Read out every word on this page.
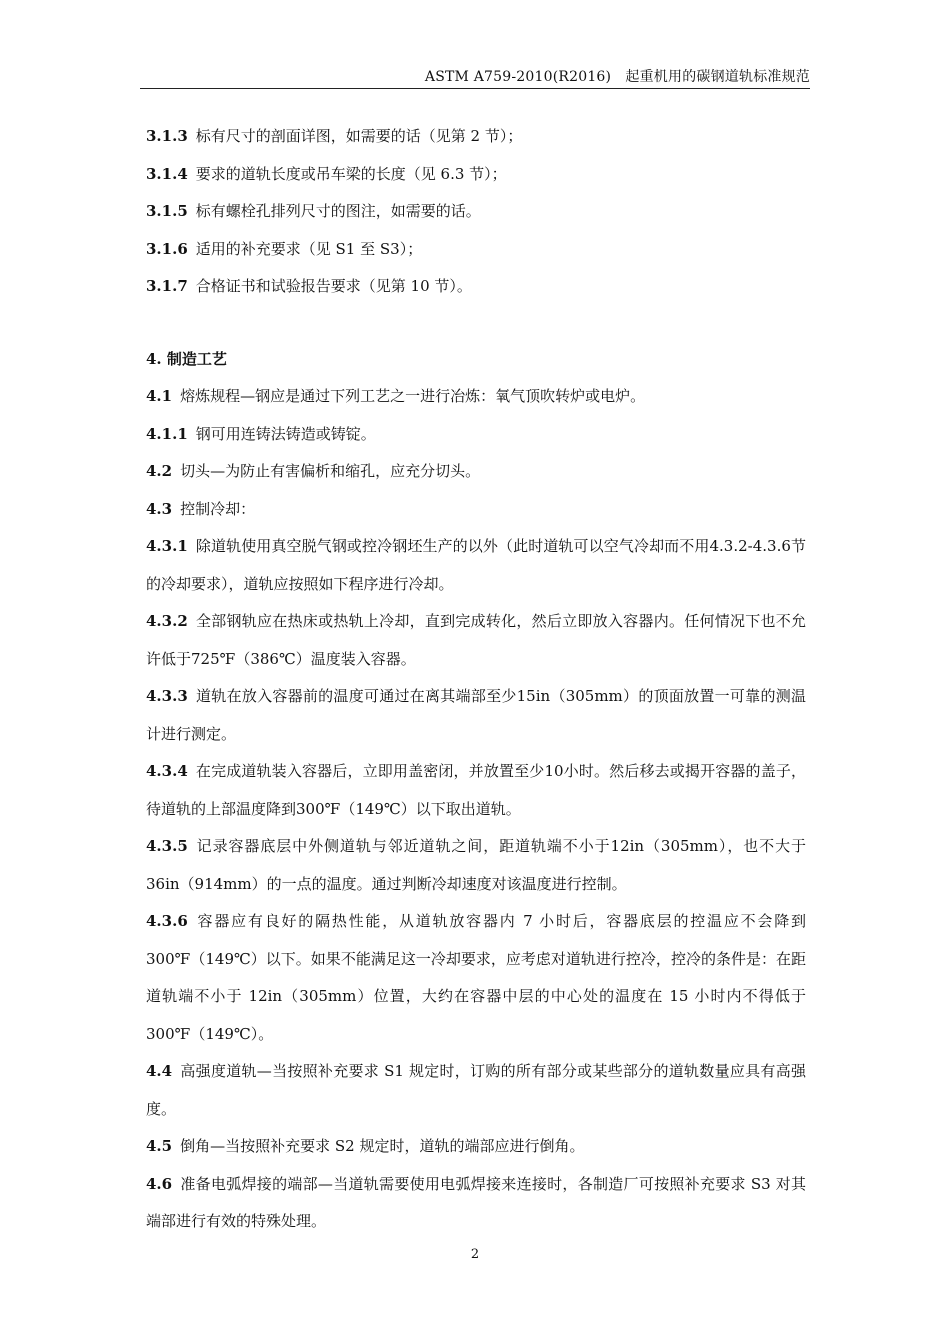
ASTM A759-2010(R2016)　起重机用的碳钢道轨标准规范

3.1.3 标有尺寸的剖面详图，如需要的话（见第 2 节）；

3.1.4 要求的道轨长度或吊车梁的长度（见 6.3 节）；

3.1.5 标有螺栓孔排列尺寸的图注，如需要的话。

3.1.6 适用的补充要求（见 S1 至 S3）；

3.1.7 合格证书和试验报告要求（见第 10 节）。

4. 制造工艺

4.1 熔炼规程—钢应是通过下列工艺之一进行冶炼：氧气顶吹转炉或电炉。

4.1.1 钢可用连铸法铸造或铸锭。

4.2 切头—为防止有害偏析和缩孔，应充分切头。

4.3 控制冷却：

4.3.1 除道轨使用真空脱气钢或控冷钢坯生产的以外（此时道轨可以空气冷却而不用4.3.2-4.3.6节的冷却要求），道轨应按照如下程序进行冷却。

4.3.2 全部钢轨应在热床或热轨上冷却，直到完成转化，然后立即放入容器内。任何情况下也不允许低于725℉（386℃）温度装入容器。

4.3.3 道轨在放入容器前的温度可通过在离其端部至少15in（305mm）的顶面放置一可靠的测温计进行测定。

4.3.4 在完成道轨装入容器后，立即用盖密闭，并放置至少10小时。然后移去或揭开容器的盖子，待道轨的上部温度降到300℉（149℃）以下取出道轨。

4.3.5 记录容器底层中外侧道轨与邻近道轨之间，距道轨端不小于12in（305mm），也不大于36in（914mm）的一点的温度。通过判断冷却速度对该温度进行控制。

4.3.6 容器应有良好的隔热性能，从道轨放容器内 7 小时后，容器底层的控温应不会降到300℉（149℃）以下。如果不能满足这一冷却要求，应考虑对道轨进行控冷，控冷的条件是：在距道轨端不小于 12in（305mm）位置，大约在容器中层的中心处的温度在 15 小时内不得低于 300℉（149℃）。

4.4 高强度道轨—当按照补充要求 S1 规定时，订购的所有部分或某些部分的道轨数量应具有高强度。

4.5 倒角—当按照补充要求 S2 规定时，道轨的端部应进行倒角。

4.6 准备电弧焊接的端部—当道轨需要使用电弧焊接来连接时，各制造厂可按照补充要求 S3 对其端部进行有效的特殊处理。

2
